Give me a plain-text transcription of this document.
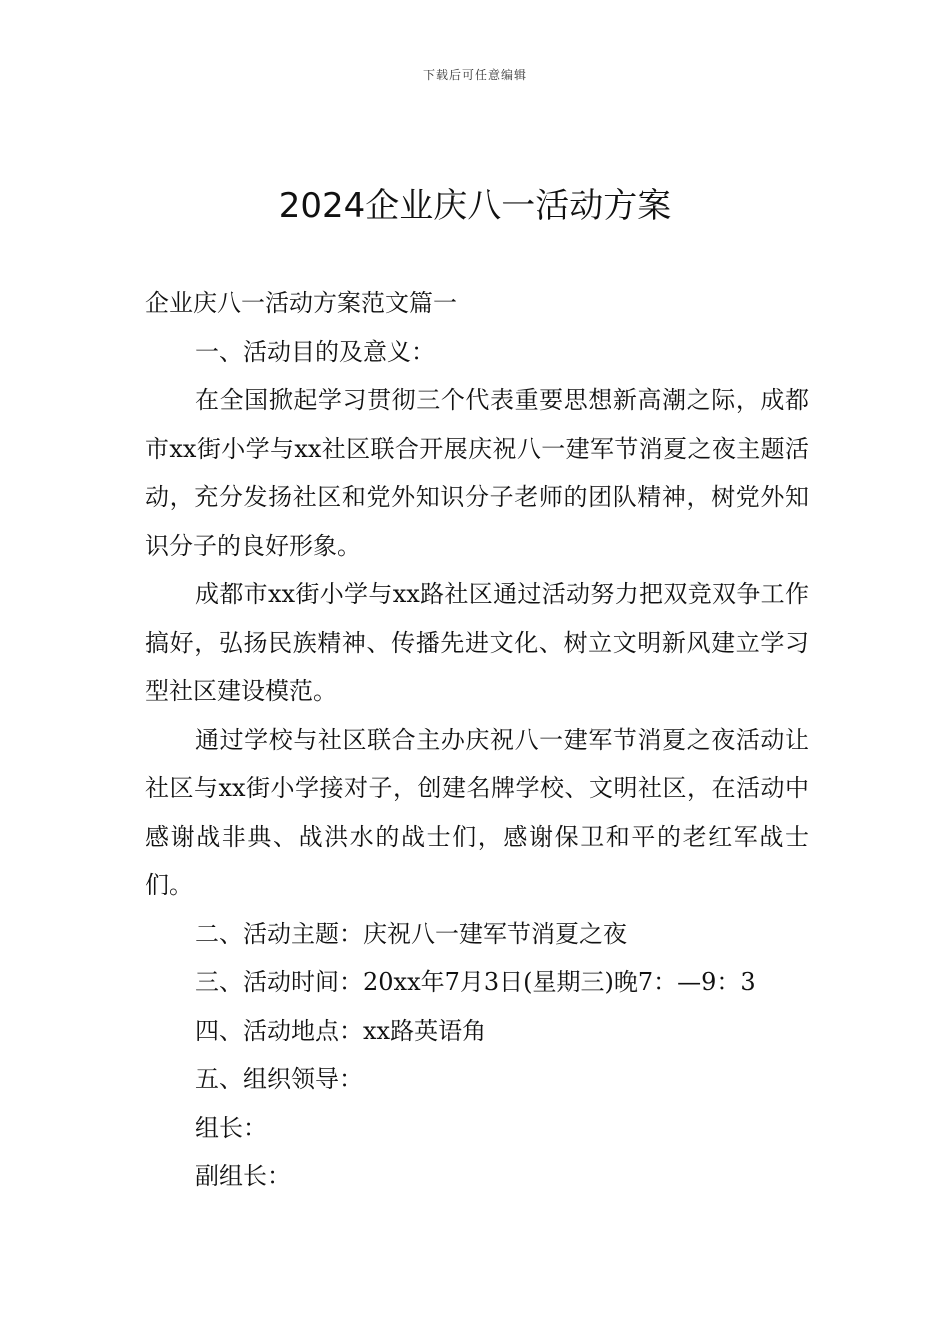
下载后可任意编辑
2024企业庆八一活动方案

企业庆八一活动方案范文篇一

一、活动目的及意义：

在全国掀起学习贯彻三个代表重要思想新高潮之际，成都市xx街小学与xx社区联合开展庆祝八一建军节消夏之夜主题活动，充分发扬社区和党外知识分子老师的团队精神，树党外知识分子的良好形象。

成都市xx街小学与xx路社区通过活动努力把双竞双争工作搞好，弘扬民族精神、传播先进文化、树立文明新风建立学习型社区建设模范。

通过学校与社区联合主办庆祝八一建军节消夏之夜活动让社区与xx街小学接对子，创建名牌学校、文明社区，在活动中感谢战非典、战洪水的战士们，感谢保卫和平的老红军战士们。

二、活动主题：庆祝八一建军节消夏之夜

三、活动时间：20xx年7月3日(星期三)晚7：—9：3

四、活动地点：xx路英语角

五、组织领导：

组长：

副组长：
